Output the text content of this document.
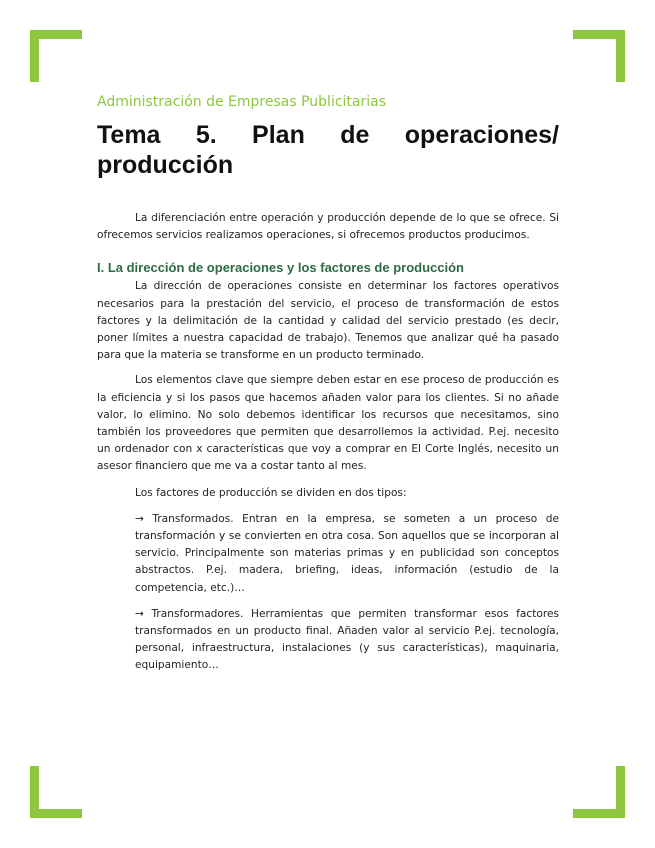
Administración de Empresas Publicitarias
Tema 5. Plan de operaciones/ producción

La diferenciación entre operación y producción depende de lo que se ofrece. Si ofrecemos servicios realizamos operaciones, si ofrecemos productos producimos.

I. La dirección de operaciones y los factores de producción

La dirección de operaciones consiste en determinar los factores operativos necesarios para la prestación del servicio, el proceso de transformación de estos factores y la delimitación de la cantidad y calidad del servicio prestado (es decir, poner límites a nuestra capacidad de trabajo). Tenemos que analizar qué ha pasado para que la materia se transforme en un producto terminado.

Los elementos clave que siempre deben estar en ese proceso de producción es la eficiencia y si los pasos que hacemos añaden valor para los clientes. Si no añade valor, lo elimino. No solo debemos identificar los recursos que necesitamos, sino también los proveedores que permiten que desarrollemos la actividad. P.ej. necesito un ordenador con x características que voy a comprar en El Corte Inglés, necesito un asesor financiero que me va a costar tanto al mes.

Los factores de producción se dividen en dos tipos:

→ Transformados. Entran en la empresa, se someten a un proceso de transformación y se convierten en otra cosa. Son aquellos que se incorporan al servicio. Principalmente son materias primas y en publicidad son conceptos abstractos. P.ej. madera, briefing, ideas, información (estudio de la competencia, etc.)…

→ Transformadores. Herramientas que permiten transformar esos factores transformados en un producto final. Añaden valor al servicio P.ej. tecnología, personal, infraestructura, instalaciones (y sus características), maquinaria, equipamiento…
